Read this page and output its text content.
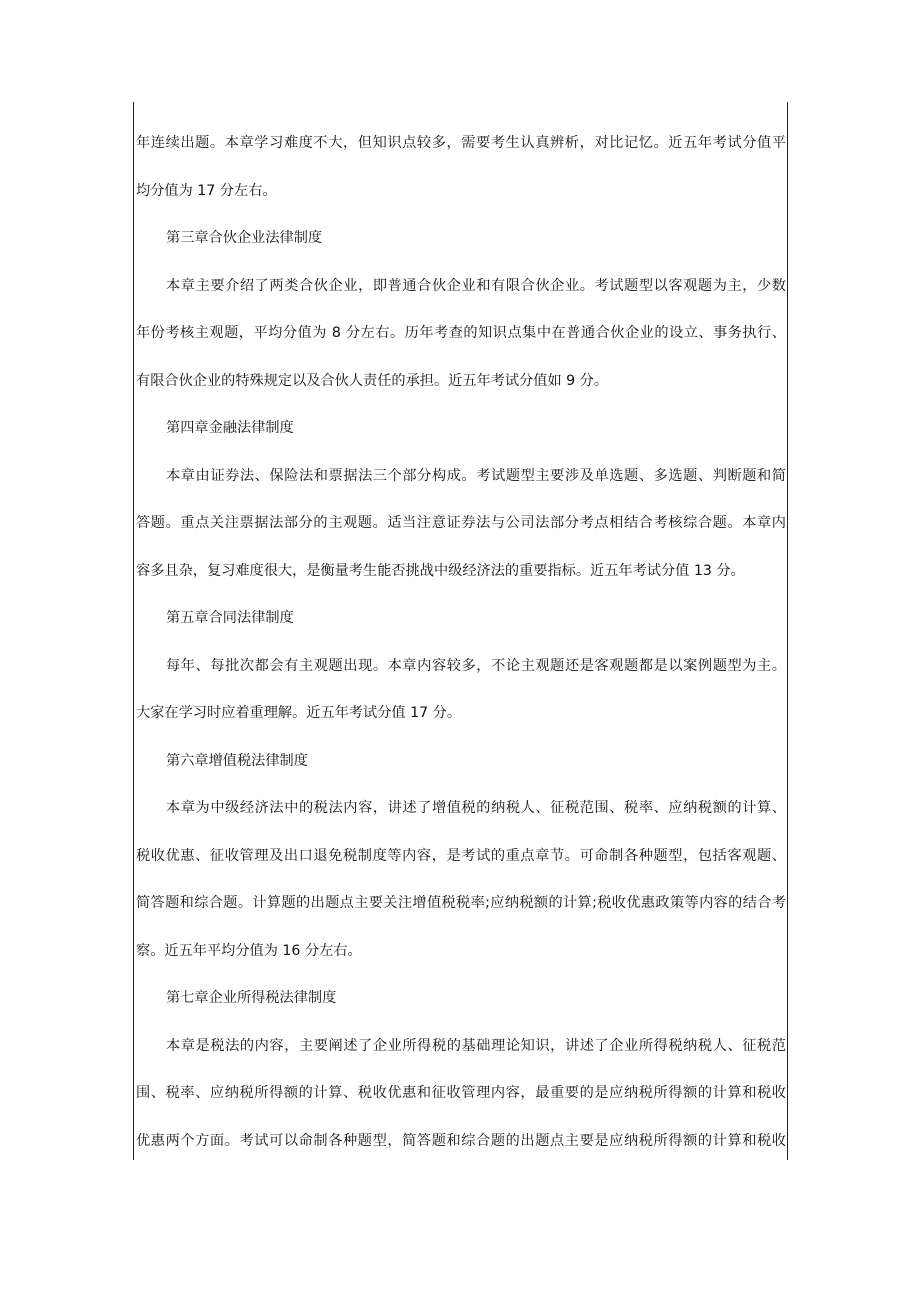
年连续出题。本章学习难度不大，但知识点较多，需要考生认真辨析，对比记忆。近五年考试分值平
均分值为 17 分左右。
第三章合伙企业法律制度
本章主要介绍了两类合伙企业，即普通合伙企业和有限合伙企业。考试题型以客观题为主，少数
年份考核主观题，平均分值为 8 分左右。历年考查的知识点集中在普通合伙企业的设立、事务执行、
有限合伙企业的特殊规定以及合伙人责任的承担。近五年考试分值如 9 分。
第四章金融法律制度
本章由证券法、保险法和票据法三个部分构成。考试题型主要涉及单选题、多选题、判断题和简
答题。重点关注票据法部分的主观题。适当注意证券法与公司法部分考点相结合考核综合题。本章内
容多且杂，复习难度很大，是衡量考生能否挑战中级经济法的重要指标。近五年考试分值 13 分。
第五章合同法律制度
每年、每批次都会有主观题出现。本章内容较多，不论主观题还是客观题都是以案例题型为主。
大家在学习时应着重理解。近五年考试分值 17 分。
第六章增值税法律制度
本章为中级经济法中的税法内容，讲述了增值税的纳税人、征税范围、税率、应纳税额的计算、
税收优惠、征收管理及出口退免税制度等内容，是考试的重点章节。可命制各种题型，包括客观题、
简答题和综合题。计算题的出题点主要关注增值税税率;应纳税额的计算;税收优惠政策等内容的结合考
察。近五年平均分值为 16 分左右。
第七章企业所得税法律制度
本章是税法的内容，主要阐述了企业所得税的基础理论知识，讲述了企业所得税纳税人、征税范
围、税率、应纳税所得额的计算、税收优惠和征收管理内容，最重要的是应纳税所得额的计算和税收
优惠两个方面。考试可以命制各种题型，简答题和综合题的出题点主要是应纳税所得额的计算和税收
